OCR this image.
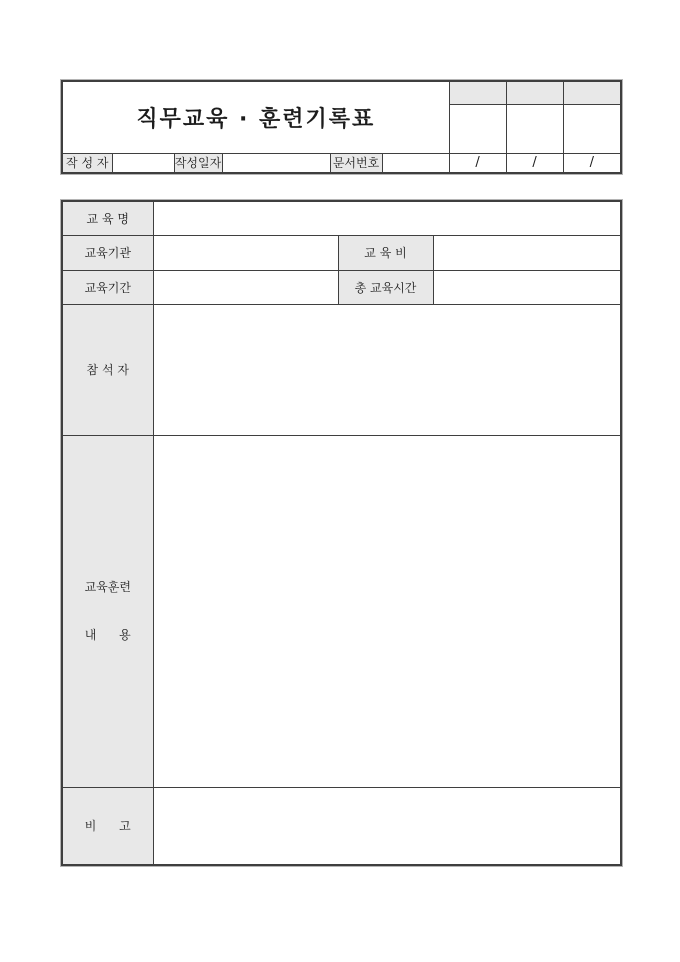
직무교육 · 훈련기록표								

작 성 자		작성일자		문서번호		/	/	/
교 육 명			
교육기관		교 육 비	
교육기간		총 교육시간	
참 석 자			

교육훈련

내      용			

비      고			
